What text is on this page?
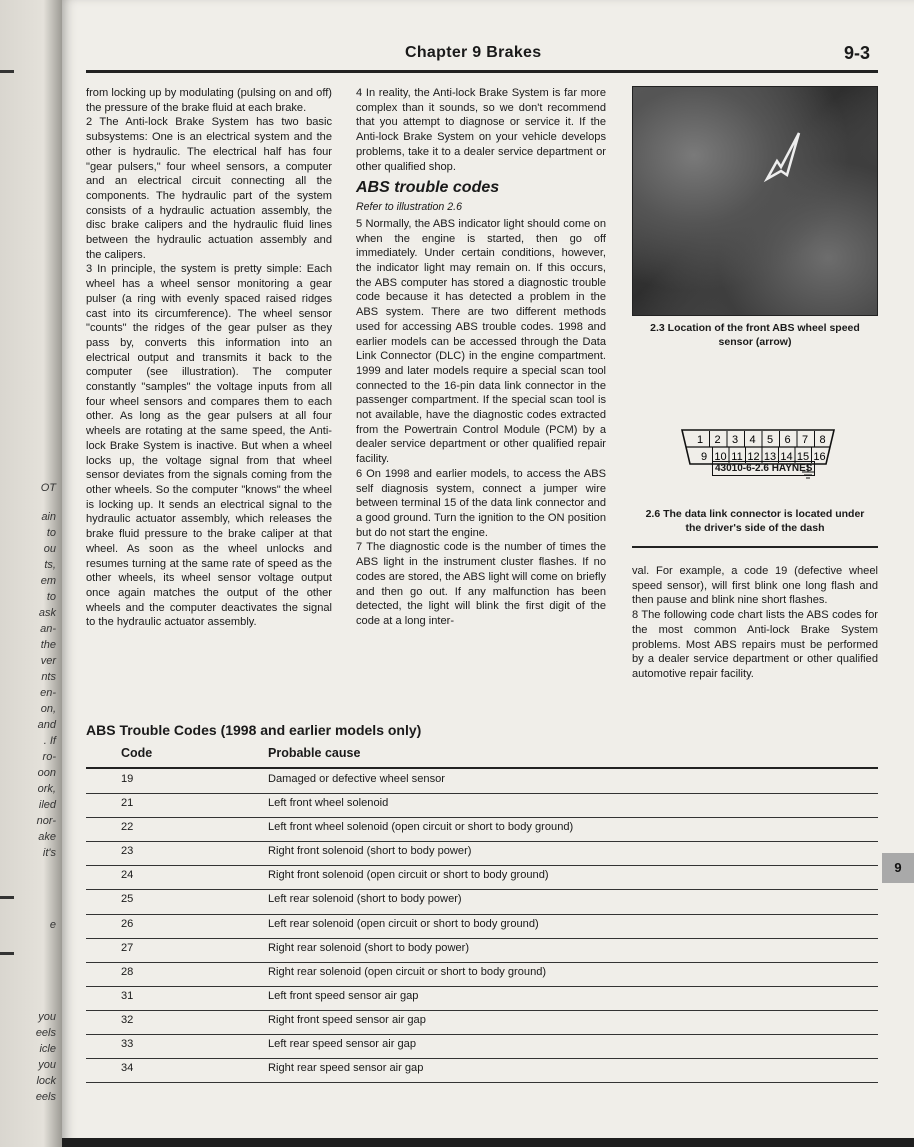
OT
ain
to
ou
ts,
em
to
ask
an-
the
ver
nts
en-
on,
and
. If
ro-
oon
ork,
iled
nor-
ake
it's
e
you
eels
icle
you
lock
eels
Chapter 9 Brakes	9-3

from locking up by modulating (pulsing on and off) the pressure of the brake fluid at each brake.

2 The Anti-lock Brake System has two basic subsystems: One is an electrical system and the other is hydraulic. The electrical half has four "gear pulsers," four wheel sensors, a computer and an electrical circuit connecting all the components. The hydraulic part of the system consists of a hydraulic actuation assembly, the disc brake calipers and the hydraulic fluid lines between the hydraulic actuation assembly and the calipers.

3 In principle, the system is pretty simple: Each wheel has a wheel sensor monitoring a gear pulser (a ring with evenly spaced raised ridges cast into its circumference). The wheel sensor "counts" the ridges of the gear pulser as they pass by, converts this information into an electrical output and transmits it back to the computer (see illustration). The computer constantly "samples" the voltage inputs from all four wheel sensors and compares them to each other. As long as the gear pulsers at all four wheels are rotating at the same speed, the Anti-lock Brake System is inactive. But when a wheel locks up, the voltage signal from that wheel sensor deviates from the signals coming from the other wheels. So the computer "knows" the wheel is locking up. It sends an electrical signal to the hydraulic actuator assembly, which releases the brake fluid pressure to the brake caliper at that wheel. As soon as the wheel unlocks and resumes turning at the same rate of speed as the other wheels, its wheel sensor voltage output once again matches the output of the other wheels and the computer deactivates the signal to the hydraulic actuator assembly.

4 In reality, the Anti-lock Brake System is far more complex than it sounds, so we don't recommend that you attempt to diagnose or service it. If the Anti-lock Brake System on your vehicle develops problems, take it to a dealer service department or other qualified shop.

ABS trouble codes
Refer to illustration 2.6

5 Normally, the ABS indicator light should come on when the engine is started, then go off immediately. Under certain conditions, however, the indicator light may remain on. If this occurs, the ABS computer has stored a diagnostic trouble code because it has detected a problem in the ABS system. There are two different methods used for accessing ABS trouble codes. 1998 and earlier models can be accessed through the Data Link Connector (DLC) in the engine compartment. 1999 and later models require a special scan tool connected to the 16-pin data link connector in the passenger compartment. If the special scan tool is not available, have the diagnostic codes extracted from the Powertrain Control Module (PCM) by a dealer service department or other qualified repair facility.

6 On 1998 and earlier models, to access the ABS self diagnosis system, connect a jumper wire between terminal 15 of the data link connector and a good ground. Turn the ignition to the ON position but do not start the engine.

7 The diagnostic code is the number of times the ABS light in the instrument cluster flashes. If no codes are stored, the ABS light will come on briefly and then go out. If any malfunction has been detected, the light will blink the first digit of the code at a long inter-

2.3 Location of the front ABS wheel speed sensor (arrow)
1 2 3 4 5 6 7 8
9 10 11 12 13 14 15 16
2.6 The data link connector is located under the driver's side of the dash

val. For example, a code 19 (defective wheel speed sensor), will first blink one long flash and then pause and blink nine short flashes.

8 The following code chart lists the ABS codes for the most common Anti-lock Brake System problems. Most ABS repairs must be performed by a dealer service department or other qualified automotive repair facility.

ABS Trouble Codes (1998 and earlier models only)
Code	Probable cause
19	Damaged or defective wheel sensor
21	Left front wheel solenoid
22	Left front wheel solenoid (open circuit or short to body ground)
23	Right front solenoid (short to body power)
24	Right front solenoid (open circuit or short to body ground)
25	Left rear solenoid (short to body power)
26	Left rear solenoid (open circuit or short to body ground)
27	Right rear solenoid (short to body power)
28	Right rear solenoid (open circuit or short to body ground)
31	Left front speed sensor air gap
32	Right front speed sensor air gap
33	Left rear speed sensor air gap
34	Right rear speed sensor air gap
9
43010-6-2.6 HAYNES
